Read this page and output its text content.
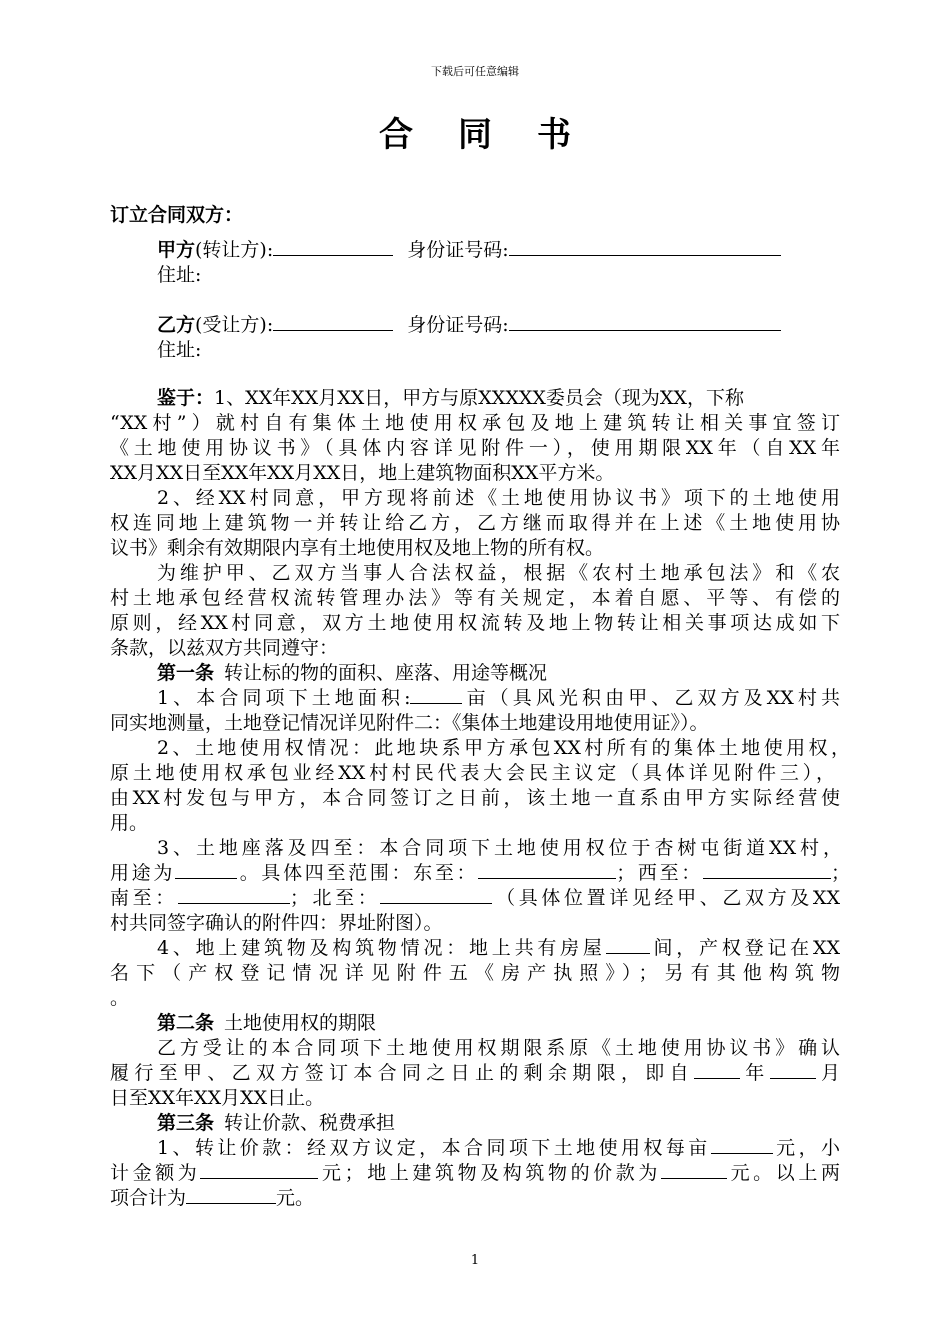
下载后可任意编辑
合同书
订立合同双方：
甲方(转让方):	身份证号码:
住址:
乙方(受让方):	身份证号码:
住址:
鉴于：1、XX年XX月XX日，甲方与原XXXXX委员会（现为XX，下称
“XX村”）就村自有集体土地使用权承包及地上建筑转让相关事宜签订
《土地使用协议书》（具体内容详见附件一），使用期限XX年（自XX年
XX月XX日至XX年XX月XX日，地上建筑物面积XX平方米。
2、经XX村同意，甲方现将前述《土地使用协议书》项下的土地使用
权连同地上建筑物一并转让给乙方，乙方继而取得并在上述《土地使用协
议书》剩余有效期限内享有土地使用权及地上物的所有权。
为维护甲、乙双方当事人合法权益，根据《农村土地承包法》和《农
村土地承包经营权流转管理办法》等有关规定，本着自愿、平等、有偿的
原则，经XX村同意，双方土地使用权流转及地上物转让相关事项达成如下
条款，以兹双方共同遵守：
第一条 转让标的物的面积、座落、用途等概况
1、本合同项下土地面积:	亩（具风光积由甲、乙双方及XX村共
同实地测量，土地登记情况详见附件二：《集体土地建设用地使用证》）。
2、土地使用权情况：此地块系甲方承包XX村所有的集体土地使用权，
原土地使用权承包业经XX村村民代表大会民主议定（具体详见附件三），
由XX村发包与甲方，本合同签订之日前，该土地一直系由甲方实际经营使
用。
3、土地座落及四至：本合同项下土地使用权位于杏树屯街道XX村，
用途为	。具体四至范围：东至：	；西至：	；
南至：	；北至：	（具体位置详见经甲、乙双方及XX
村共同签字确认的附件四：界址附图）。
4、地上建筑物及构筑物情况：地上共有房屋 间，产权登记在XX
名下（产权登记情况详见附件五《房产执照》）；另有其他构筑物
。
第二条 土地使用权的期限
乙方受让的本合同项下土地使用权期限系原《土地使用协议书》确认
履行至甲、乙双方签订本合同之日止的剩余期限，即自 年 月
日至XX年XX月XX日止。
第三条 转让价款、税费承担
1、转让价款：经双方议定，本合同项下土地使用权每亩	元，小
计金额为	元；地上建筑物及构筑物的价款为	元。以上两
项合计为	元。
1
